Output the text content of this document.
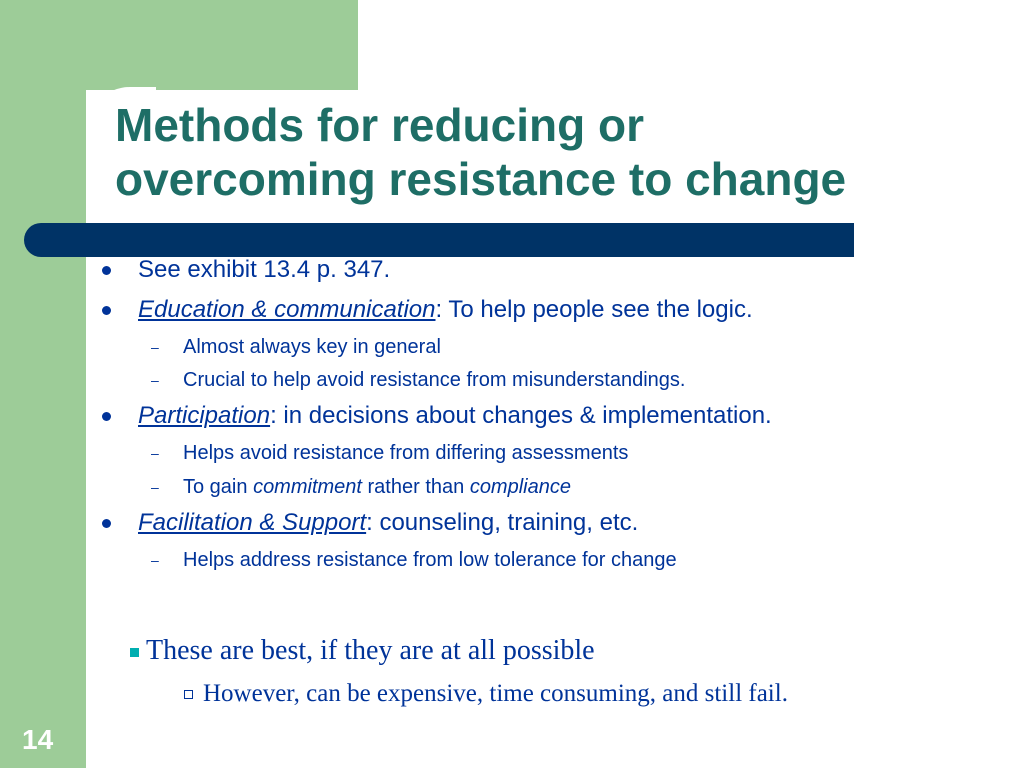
Methods for reducing or
overcoming resistance to change
See exhibit 13.4 p. 347.
Education & communication: To help people see the logic.
– Almost always key in general
– Crucial to help avoid resistance from misunderstandings.
Participation: in decisions about changes & implementation.
– Helps avoid resistance from differing assessments
– To gain commitment rather than compliance
Facilitation & Support: counseling, training, etc.
– Helps address resistance from low tolerance for change
These are best, if they are at all possible
However, can be expensive, time consuming, and still fail.
14
